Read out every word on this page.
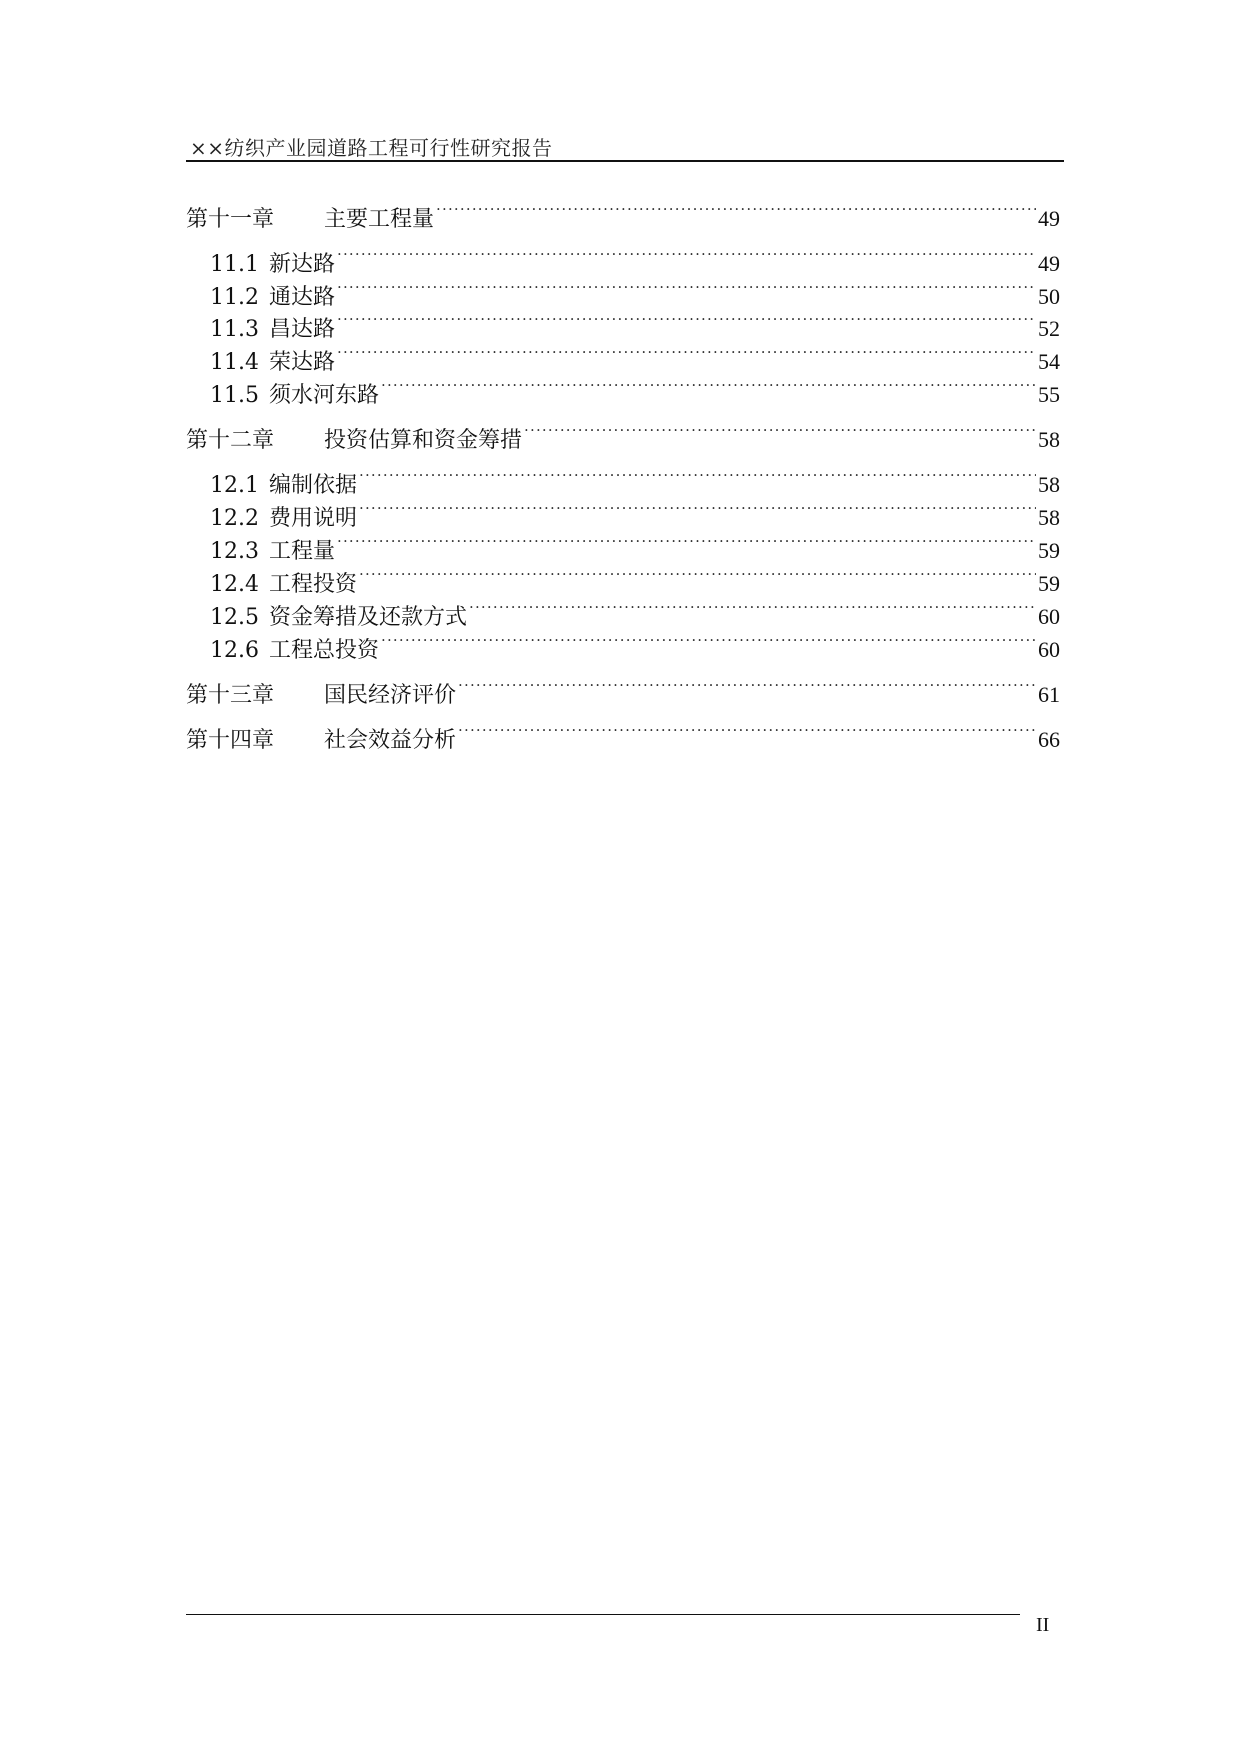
××纺织产业园道路工程可行性研究报告
第十一章	主要工程量 .....	49
11.1 新达路 .....	49
11.2 通达路 .....	50
11.3 昌达路 .....	52
11.4 荣达路 .....	54
11.5 须水河东路 .....	55
第十二章	投资估算和资金筹措 .....	58
12.1 编制依据 .....	58
12.2 费用说明 .....	58
12.3 工程量 .....	59
12.4 工程投资 .....	59
12.5 资金筹措及还款方式 .....	60
12.6 工程总投资 .....	60
第十三章	国民经济评价 .....	61
第十四章	社会效益分析 .....	66
II
